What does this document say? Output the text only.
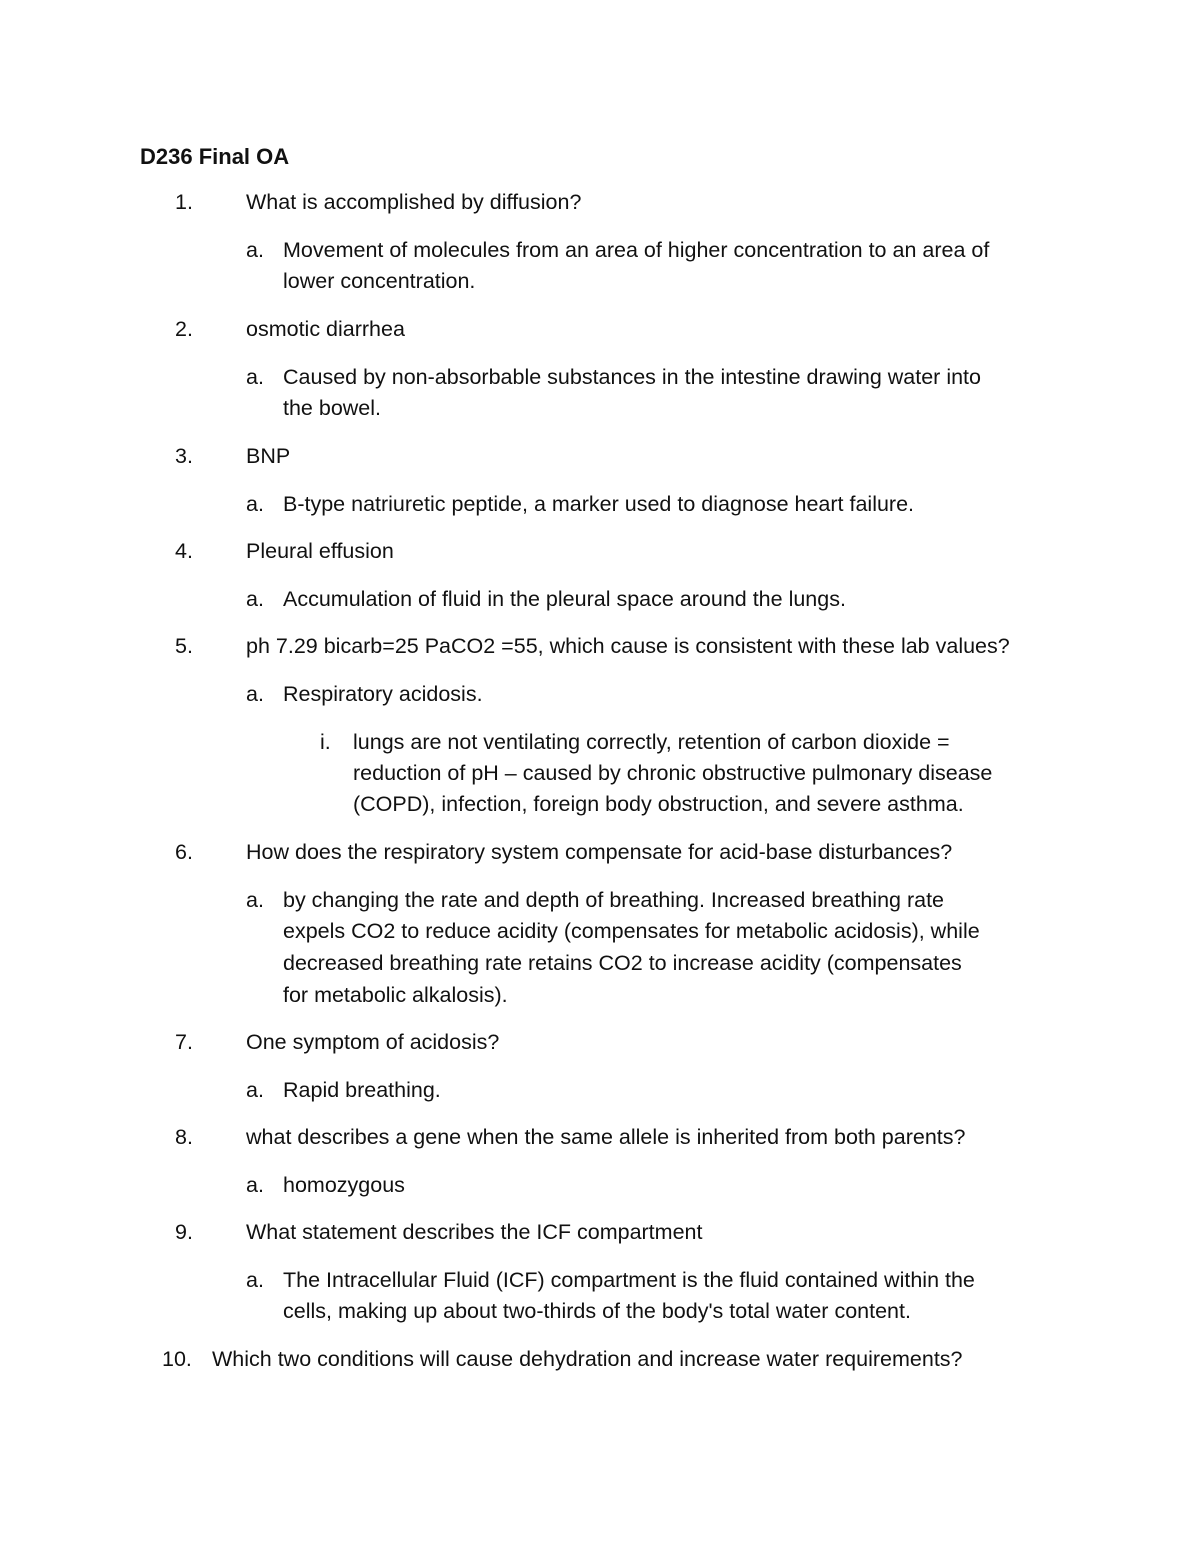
D236 Final OA
1.	What is accomplished by diffusion?
a. Movement of molecules from an area of higher concentration to an area of
lower concentration.
2.	osmotic diarrhea
a. Caused by non-absorbable substances in the intestine drawing water into
the bowel.
3.	BNP
a. B-type natriuretic peptide, a marker used to diagnose heart failure.
4.	Pleural effusion
a. Accumulation of fluid in the pleural space around the lungs.
5.	ph 7.29 bicarb=25 PaCO2 =55, which cause is consistent with these lab values?
a. Respiratory acidosis.
i. lungs are not ventilating correctly, retention of carbon dioxide =
reduction of pH – caused by chronic obstructive pulmonary disease
(COPD), infection, foreign body obstruction, and severe asthma.
6.	How does the respiratory system compensate for acid-base disturbances?
a. by changing the rate and depth of breathing. Increased breathing rate
expels CO2 to reduce acidity (compensates for metabolic acidosis), while
decreased breathing rate retains CO2 to increase acidity (compensates
for metabolic alkalosis).
7.	One symptom of acidosis?
a. Rapid breathing.
8.	what describes a gene when the same allele is inherited from both parents?
a. homozygous
9.	What statement describes the ICF compartment
a. The Intracellular Fluid (ICF) compartment is the fluid contained within the
cells, making up about two-thirds of the body's total water content.
10. Which two conditions will cause dehydration and increase water requirements?
